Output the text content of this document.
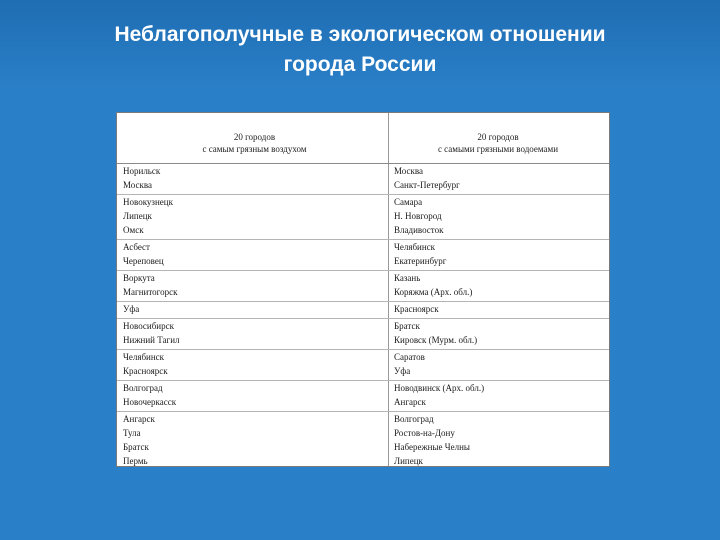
Неблагополучные в экологическом отношении
города России
20 городов
с самым грязным воздухом
20 городов
с самыми грязными водоемами
Норильск
Москва
Москва
Санкт-Петербург
Новокузнецк
Липецк
Омск
Самара
Н. Новгород
Владивосток
Асбест
Череповец
Челябинск
Екатеринбург
Воркута
Магнитогорск
Казань
Коряжма (Арх. обл.)
Уфа	Красноярск
Новосибирск
Нижний Тагил
Братск
Кировск (Мурм. обл.)
Челябинск
Красноярск
Саратов
Уфа
Волгоград
Новочеркасск
Новодвинск (Арх. обл.)
Ангарск
Ангарск
Тула
Братск
Пермь
Волгоград
Ростов-на-Дону
Набережные Челны
Липецк
